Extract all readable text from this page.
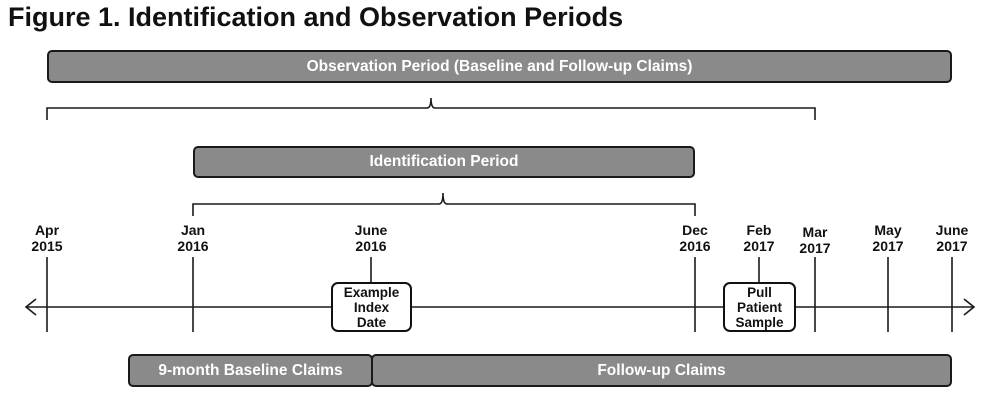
Figure 1. Identification and Observation Periods
Observation Period (Baseline and Follow-up Claims)
Identification Period
9-month Baseline Claims	Follow-up Claims
Apr
2015
Jan
2016
June
2016
Dec
2016
Feb
2017
Mar
2017
May
2017
June
2017
Example
Index
Date
Pull
Patient
Sample
